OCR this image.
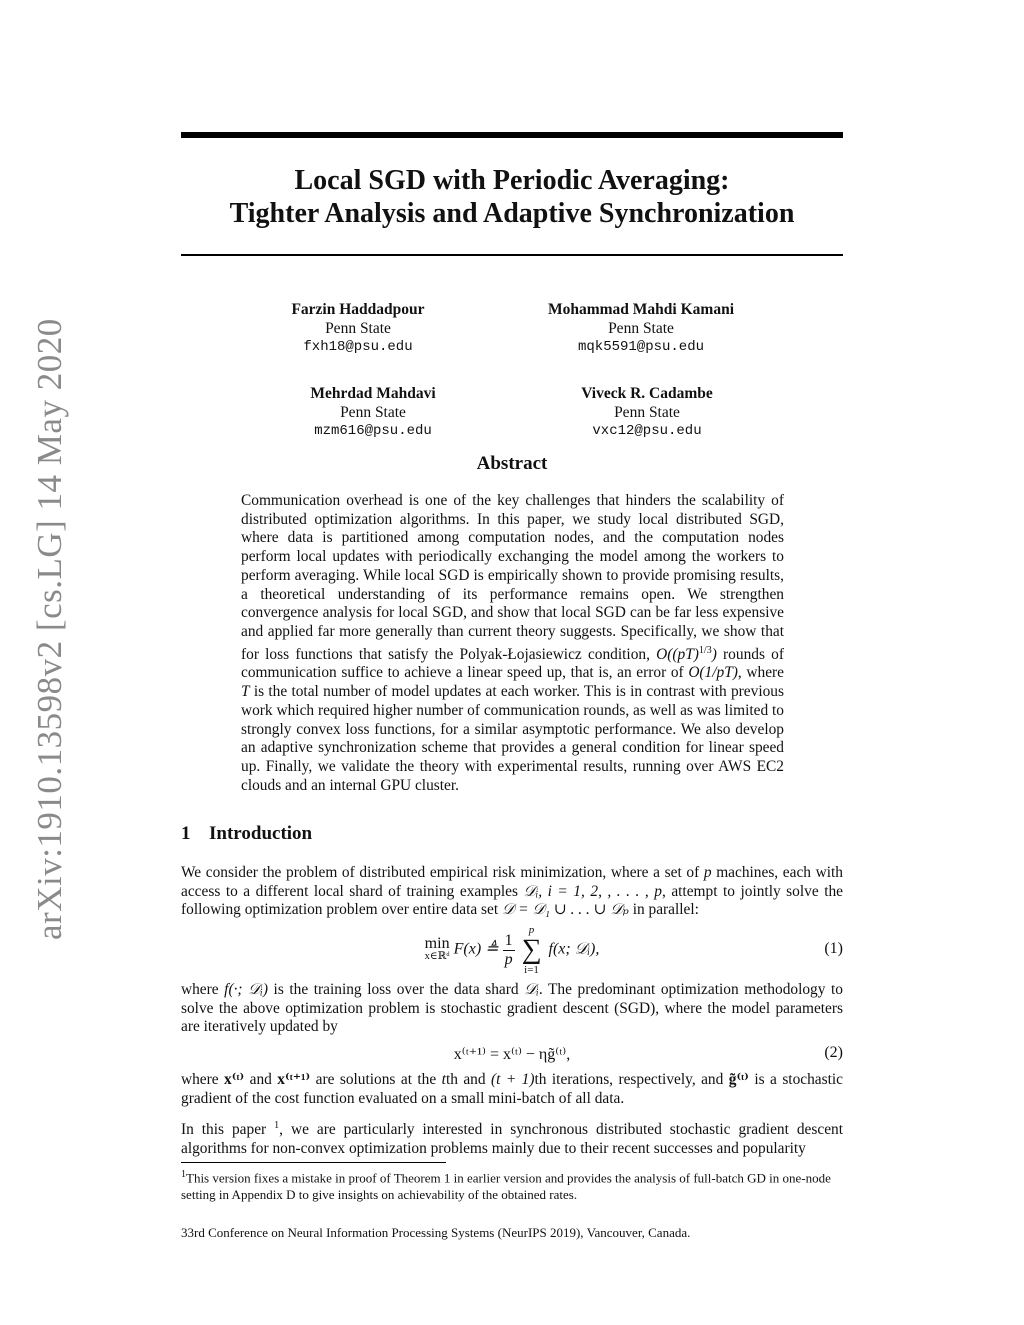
arXiv:1910.13598v2 [cs.LG] 14 May 2020
Local SGD with Periodic Averaging:
Tighter Analysis and Adaptive Synchronization
Farzin Haddadpour
Penn State
fxh18@psu.edu
Mohammad Mahdi Kamani
Penn State
mqk5591@psu.edu
Mehrdad Mahdavi
Penn State
mzm616@psu.edu
Viveck R. Cadambe
Penn State
vxc12@psu.edu
Abstract
Communication overhead is one of the key challenges that hinders the scalability of distributed optimization algorithms. In this paper, we study local distributed SGD, where data is partitioned among computation nodes, and the computation nodes perform local updates with periodically exchanging the model among the workers to perform averaging. While local SGD is empirically shown to provide promising results, a theoretical understanding of its performance remains open. We strengthen convergence analysis for local SGD, and show that local SGD can be far less expensive and applied far more generally than current theory suggests. Specifically, we show that for loss functions that satisfy the Polyak-Łojasiewicz condition, O((pT)$^{1/3}$) rounds of communication suffice to achieve a linear speed up, that is, an error of O(1/pT), where T is the total number of model updates at each worker. This is in contrast with previous work which required higher number of communication rounds, as well as was limited to strongly convex loss functions, for a similar asymptotic performance. We also develop an adaptive synchronization scheme that provides a general condition for linear speed up. Finally, we validate the theory with experimental results, running over AWS EC2 clouds and an internal GPU cluster.
1 Introduction
We consider the problem of distributed empirical risk minimization, where a set of p machines, each with access to a different local shard of training examples 𝒟ᵢ, i = 1, 2, , . . . , p, attempt to jointly solve the following optimization problem over entire data set 𝒟 = 𝒟₁ ∪ . . . ∪ 𝒟ₚ in parallel:
min
x∈ℝᵈ F(x) ≜ $\frac{1}{p}$

p
∑
i=1
f(x; 𝒟ᵢ),	(1)
where f(·; 𝒟ᵢ) is the training loss over the data shard 𝒟ᵢ. The predominant optimization methodology to solve the above optimization problem is stochastic gradient descent (SGD), where the model parameters are iteratively updated by
x⁽ᵗ⁺¹⁾ = x⁽ᵗ⁾ − ηg̃⁽ᵗ⁾,	(2)
where x⁽ᵗ⁾ and x⁽ᵗ⁺¹⁾ are solutions at the tth and (t + 1)th iterations, respectively, and g̃⁽ᵗ⁾ is a stochastic gradient of the cost function evaluated on a small mini-batch of all data.
In this paper $^1$, we are particularly interested in synchronous distributed stochastic gradient descent algorithms for non-convex optimization problems mainly due to their recent successes and popularity
$^1$This version fixes a mistake in proof of Theorem 1 in earlier version and provides the analysis of full-batch GD in one-node setting in Appendix D to give insights on achievability of the obtained rates.
33rd Conference on Neural Information Processing Systems (NeurIPS 2019), Vancouver, Canada.
